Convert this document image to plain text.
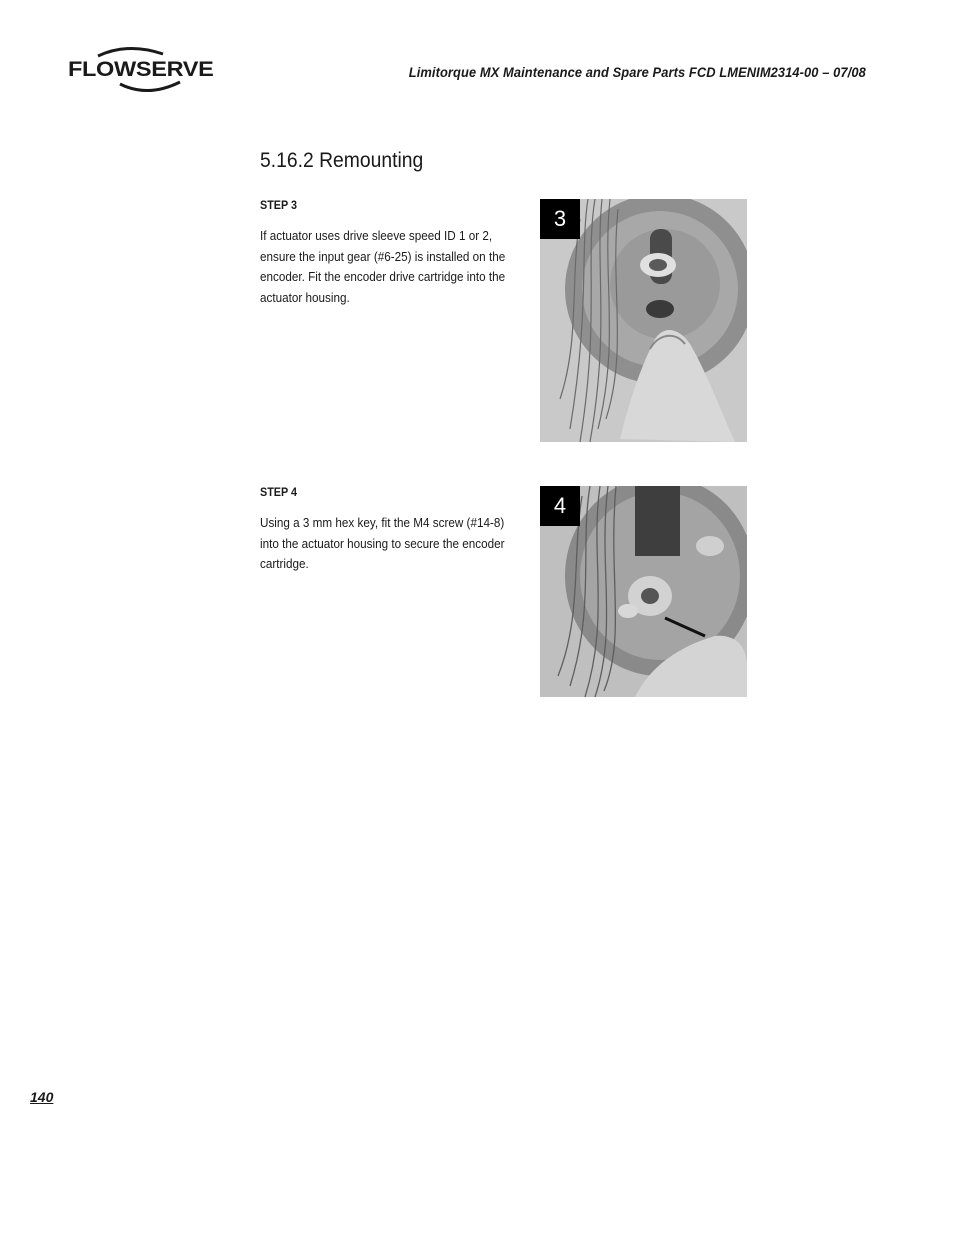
FLOWSERVE	Limitorque MX Maintenance and Spare Parts FCD LMENIM2314-00 – 07/08
5.16.2 Remounting
STEP 3
If actuator uses drive sleeve speed ID 1 or 2, ensure the input gear (#6-25) is installed on the encoder. Fit the encoder drive cartridge into the actuator housing.
3
STEP 4
Using a 3 mm hex key, fit the M4 screw (#14-8) into the actuator housing to secure the encoder cartridge.
4
140
